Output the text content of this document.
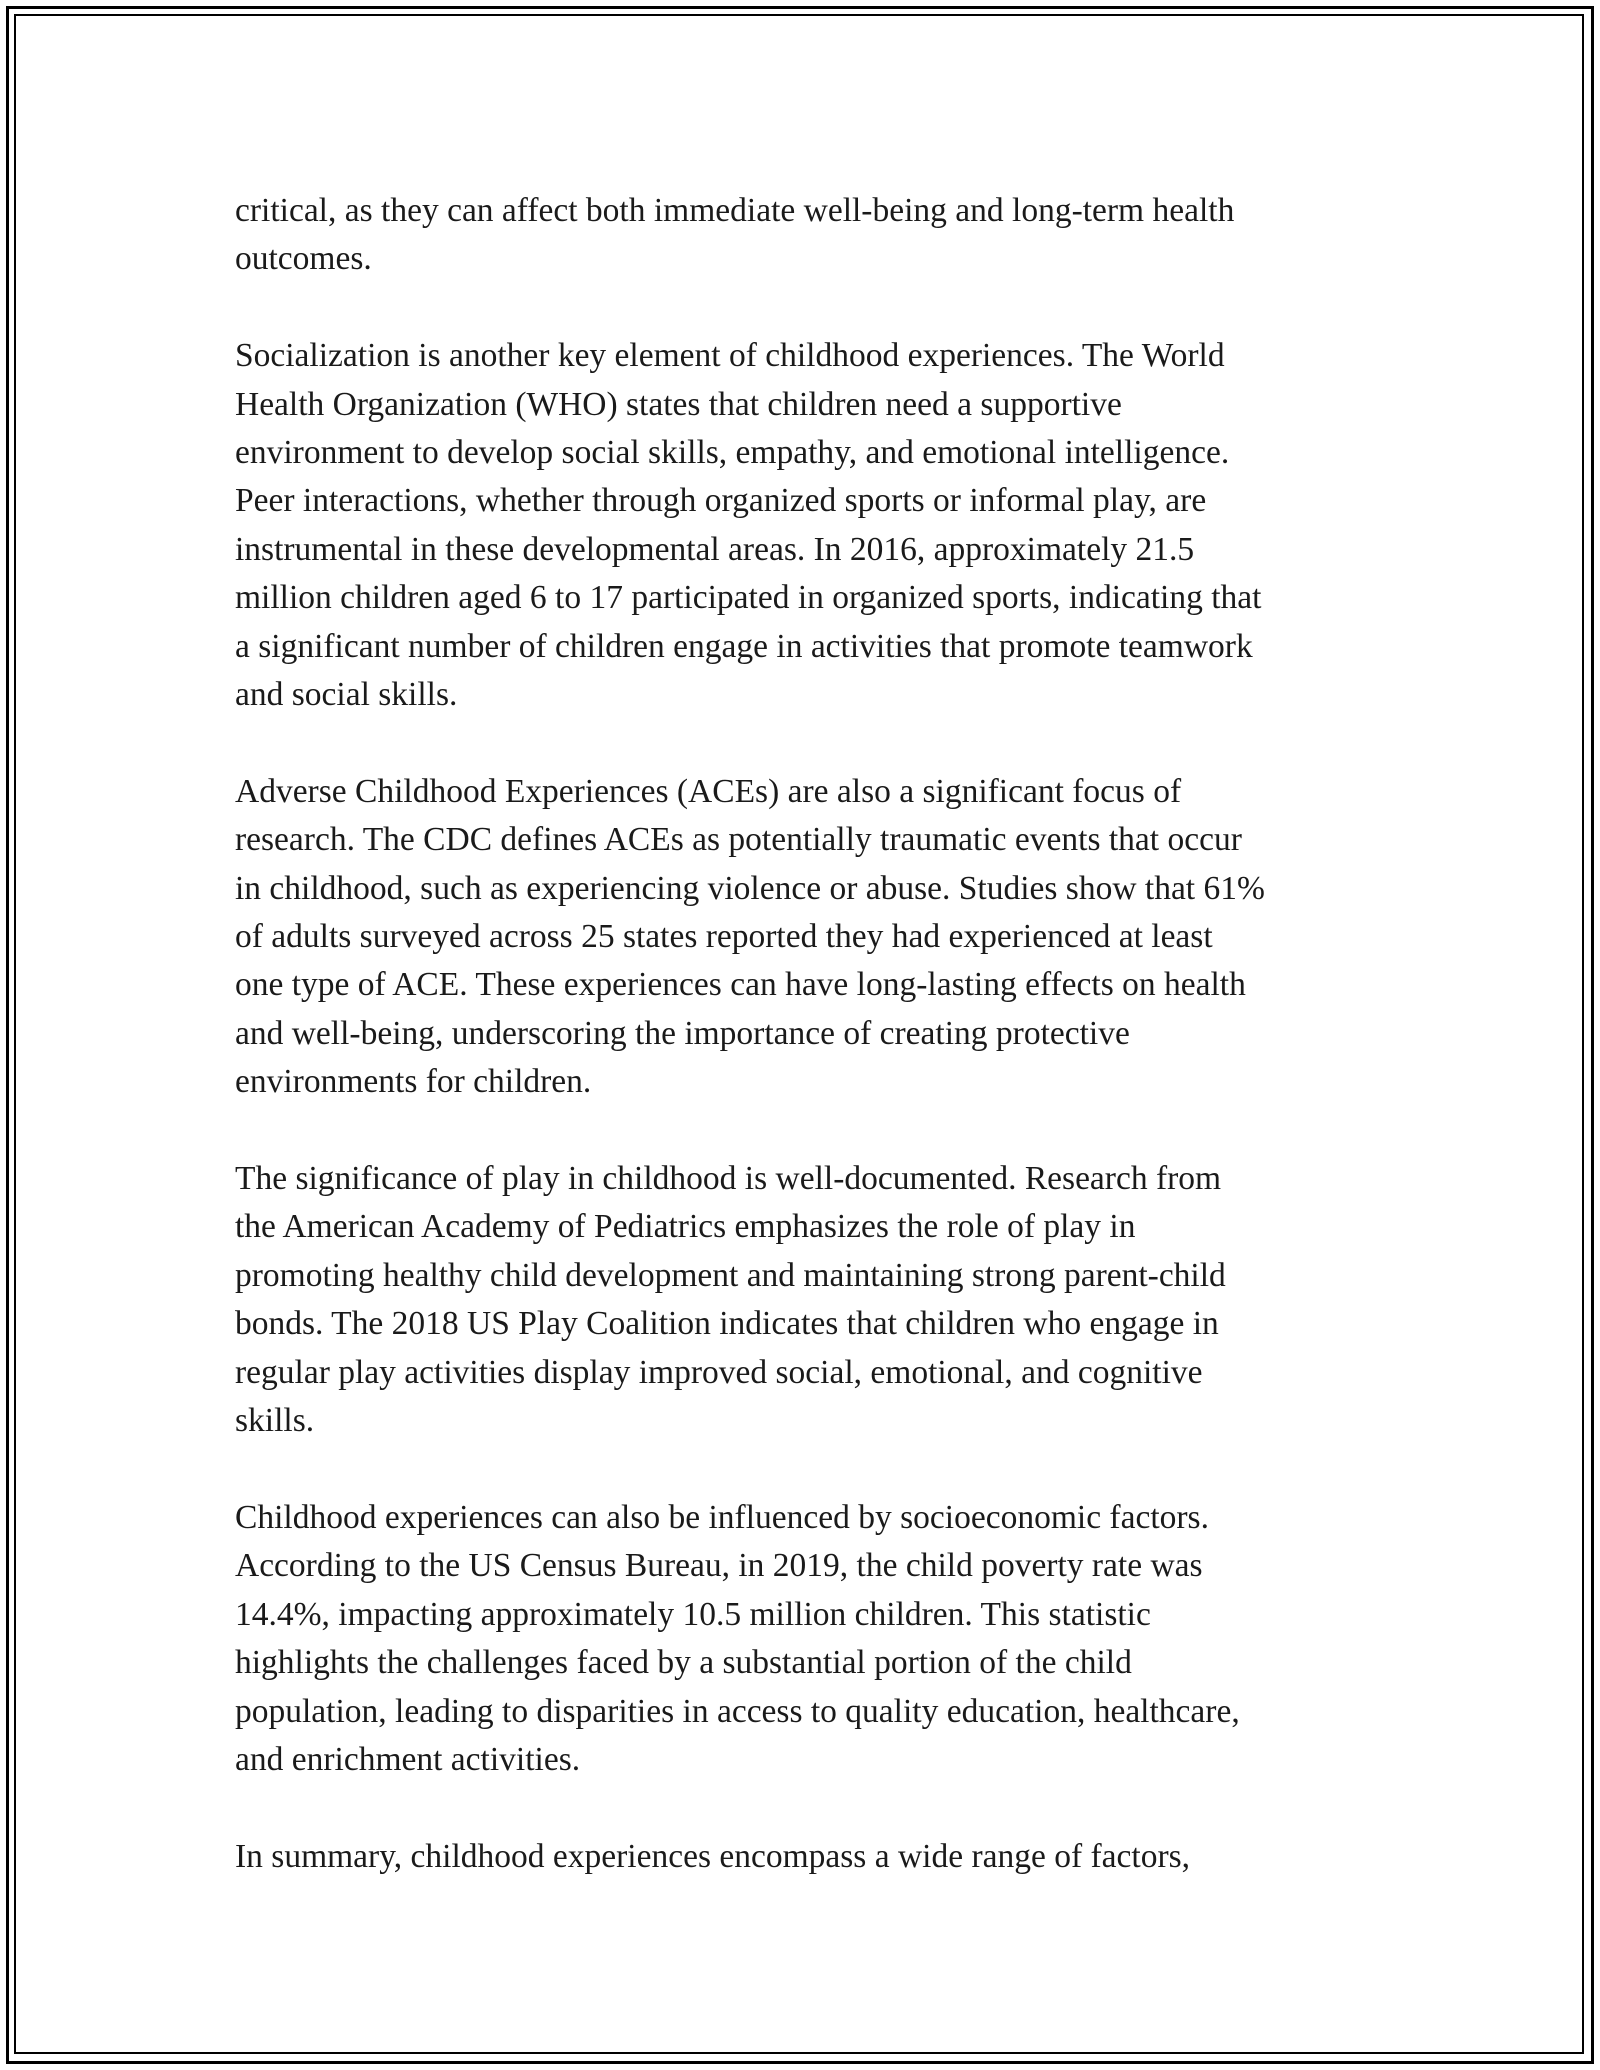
critical, as they can affect both immediate well-being and long-term health
outcomes.

Socialization is another key element of childhood experiences. The World
Health Organization (WHO) states that children need a supportive
environment to develop social skills, empathy, and emotional intelligence.
Peer interactions, whether through organized sports or informal play, are
instrumental in these developmental areas. In 2016, approximately 21.5
million children aged 6 to 17 participated in organized sports, indicating that
a significant number of children engage in activities that promote teamwork
and social skills.

Adverse Childhood Experiences (ACEs) are also a significant focus of
research. The CDC defines ACEs as potentially traumatic events that occur
in childhood, such as experiencing violence or abuse. Studies show that 61%
of adults surveyed across 25 states reported they had experienced at least
one type of ACE. These experiences can have long-lasting effects on health
and well-being, underscoring the importance of creating protective
environments for children.

The significance of play in childhood is well-documented. Research from
the American Academy of Pediatrics emphasizes the role of play in
promoting healthy child development and maintaining strong parent-child
bonds. The 2018 US Play Coalition indicates that children who engage in
regular play activities display improved social, emotional, and cognitive
skills.

Childhood experiences can also be influenced by socioeconomic factors.
According to the US Census Bureau, in 2019, the child poverty rate was
14.4%, impacting approximately 10.5 million children. This statistic
highlights the challenges faced by a substantial portion of the child
population, leading to disparities in access to quality education, healthcare,
and enrichment activities.

In summary, childhood experiences encompass a wide range of factors,
